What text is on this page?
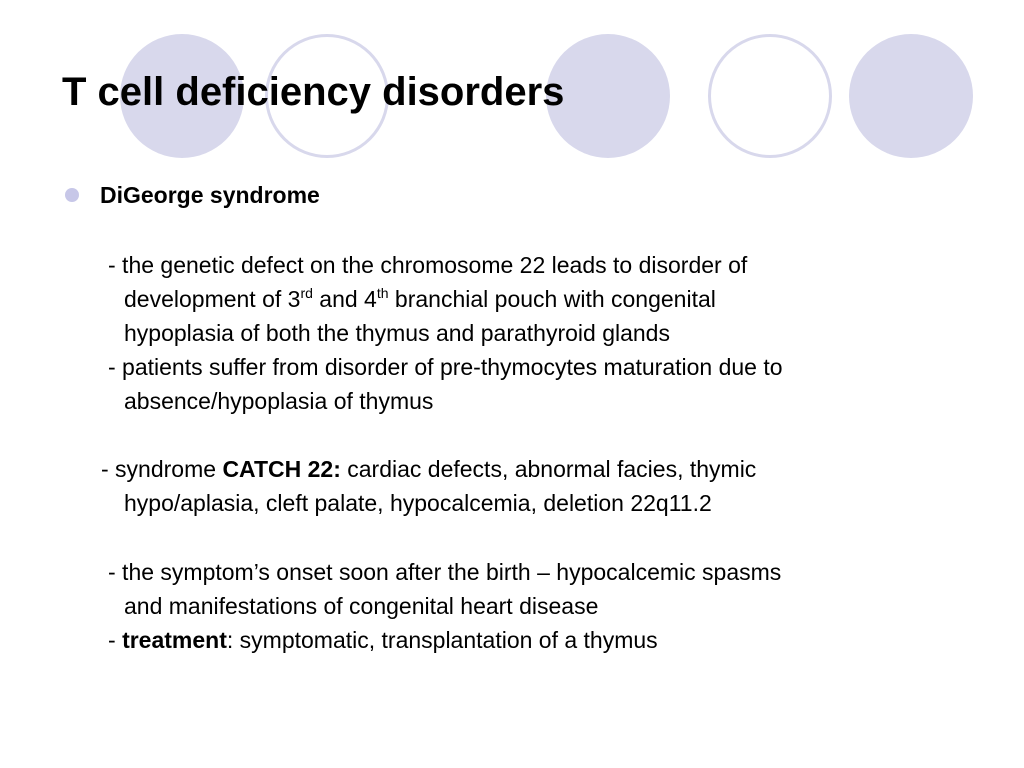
T cell deficiency disorders
DiGeorge syndrome
- the genetic defect on the chromosome 22 leads to disorder of
development of 3rd and 4th branchial pouch with congenital
hypoplasia of both the thymus and parathyroid glands
- patients suffer from disorder of pre-thymocytes maturation due to
absence/hypoplasia of thymus
- syndrome CATCH 22: cardiac defects, abnormal facies, thymic
hypo/aplasia, cleft palate, hypocalcemia, deletion 22q11.2
- the symptom’s onset soon after the birth – hypocalcemic spasms
and manifestations of congenital heart disease
- treatment: symptomatic, transplantation of a thymus
